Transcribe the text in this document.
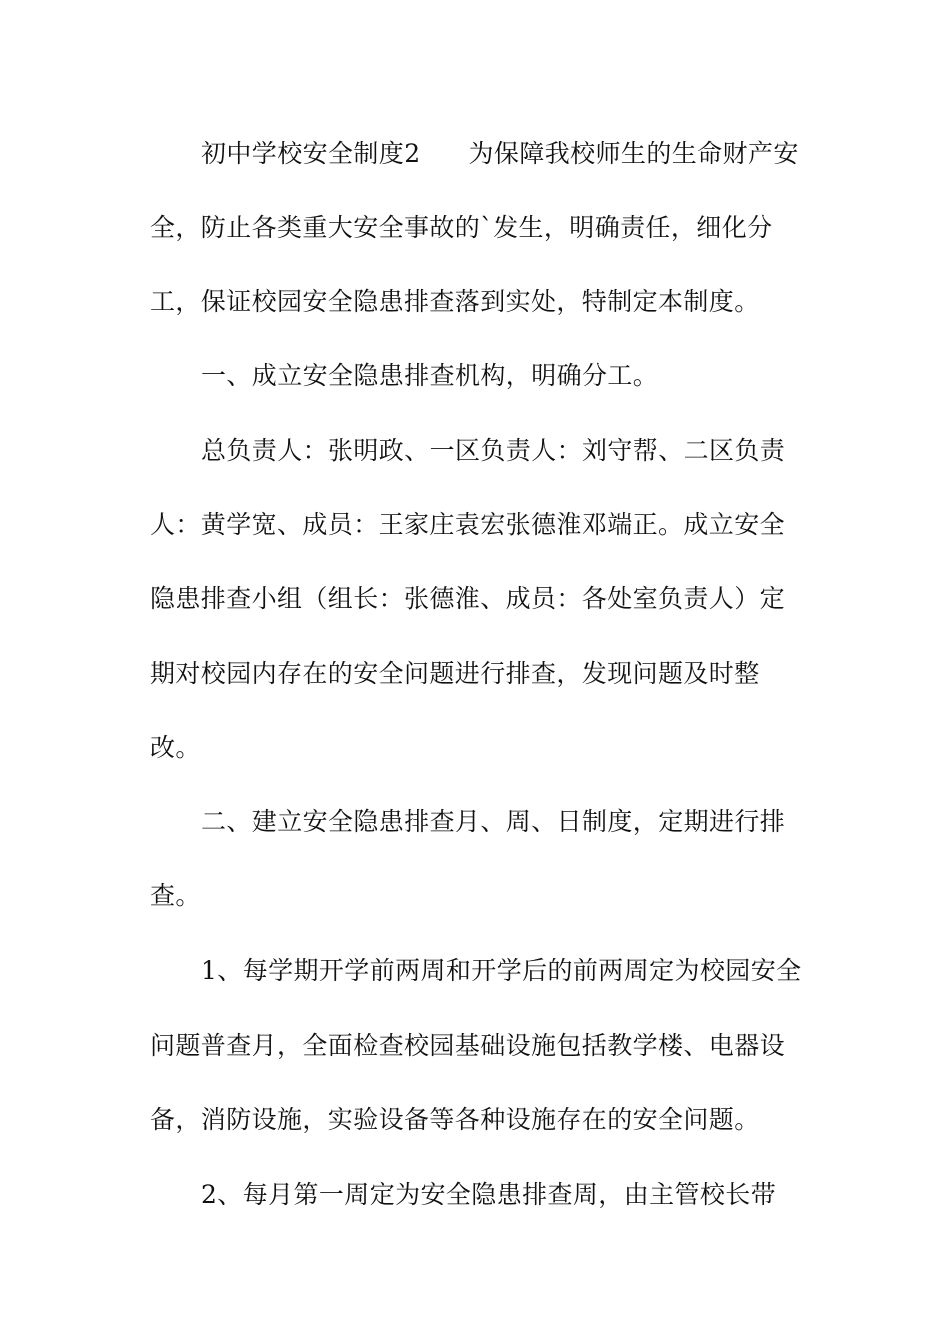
初中学校安全制度2 为保障我校师生的生命财产安
全，防止各类重大安全事故的`发生，明确责任，细化分
工，保证校园安全隐患排查落到实处，特制定本制度。
一、成立安全隐患排查机构，明确分工。
总负责人：张明政、一区负责人：刘守帮、二区负责
人：黄学宽、成员：王家庄袁宏张德淮邓端正。成立安全
隐患排查小组（组长：张德淮、成员：各处室负责人）定
期对校园内存在的安全问题进行排查，发现问题及时整
改。
二、建立安全隐患排查月、周、日制度，定期进行排
查。
1、每学期开学前两周和开学后的前两周定为校园安全
问题普查月，全面检查校园基础设施包括教学楼、电器设
备，消防设施，实验设备等各种设施存在的安全问题。
2、每月第一周定为安全隐患排查周，由主管校长带
